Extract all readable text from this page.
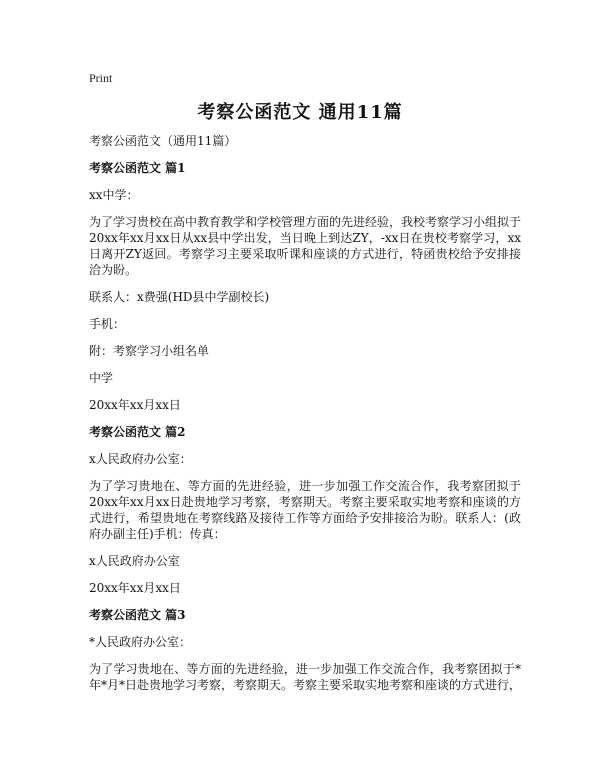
Print
考察公函范文 通用11篇

考察公函范文（通用11篇）

考察公函范文 篇1

xx中学：

为了学习贵校在高中教育教学和学校管理方面的先进经验，我校考察学习小组拟于20xx年xx月xx日从xx县中学出发，当日晚上到达ZY，-xx日在贵校考察学习，xx日离开ZY返回。考察学习主要采取听课和座谈的方式进行，特函贵校给予安排接洽为盼。

联系人：x费强(HD县中学副校长)

手机：

附：考察学习小组名单

中学

20xx年xx月xx日

考察公函范文 篇2

x人民政府办公室：

为了学习贵地在、等方面的先进经验，进一步加强工作交流合作，我考察团拟于20xx年xx月xx日赴贵地学习考察，考察期天。考察主要采取实地考察和座谈的方式进行，希望贵地在考察线路及接待工作等方面给予安排接洽为盼。联系人：(政府办副主任)手机：传真：

x人民政府办公室

20xx年xx月xx日

考察公函范文 篇3

*人民政府办公室：

为了学习贵地在、等方面的先进经验，进一步加强工作交流合作，我考察团拟于*年*月*日赴贵地学习考察，考察期天。考察主要采取实地考察和座谈的方式进行，
